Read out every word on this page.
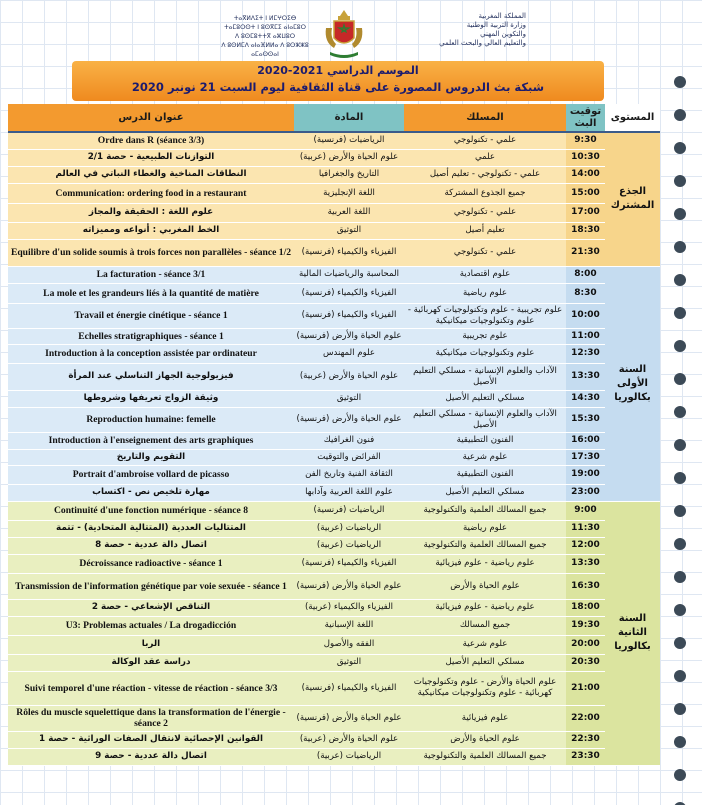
ⵜⴰⴳⵍⴷⵉⵜ ⵏ ⵍⵎⵖⵔⵉⴱ
ⵜⴰⵎⵓⵔⵙⵜ ⵏ ⵓⵙⴳⵎⵉ ⴰⵏⴰⵎⵓⵔ
ⴷ ⵓⵙⵎⵓⵜⵜⴳ ⴰⵣⵡⵓⵔ
ⴷ ⵓⵙⵍⵎⴷ ⴰⵏⴰⴼⵍⵍⴰ ⴷ ⵓⵔⵣⵣⵓ ⴰⵎⴰⵙⵙⴰⵏ
المملكة المغربية
وزارة التربية الوطنية
والتكوين المهني
والتعليم العالي والبحث العلمي
الموسم الدراسي 2021-2020
شبكة بث الدروس المصورة على قناة الثقافية ليوم السبت 21 نونبر 2020
عنوان الدرس	المادة	المسلك	توقيت البث	المستوى
Ordre dans R (séance 3/3)	الرياضيات (فرنسية)	علمي - تكنولوجي	9:30	الجذع المشترك
التوازنات الطبيعية - حصة 2/1	علوم الحياة والأرض (عربية)	علمي	10:30	
النطاقات المناخية والغطاء النباتي في العالم	التاريخ والجغرافيا	علمي - تكنولوجي - تعليم أصيل	14:00	
Communication: ordering food in a restaurant	اللغة الإنجليزية	جميع الجذوع المشتركة	15:00	
علوم اللغة : الحقيقة والمجاز	اللغة العربية	علمي - تكنولوجي	17:00	
الخط المغربي : أنواعه ومميزاته	التوثيق	تعليم أصيل	18:30	
Equilibre d'un solide soumis à trois forces non parallèles - séance 1/2	الفيزياء والكيمياء (فرنسية)	علمي - تكنولوجي	21:30	
La facturation - séance 3/1	المحاسبة والرياضيات المالية	علوم اقتصادية	8:00	السنة الأولى بكالوريا
La mole et les grandeurs liés à la quantité de matière	الفيزياء والكيمياء (فرنسية)	علوم رياضية	8:30	
Travail et énergie cinétique - séance 1	الفيزياء والكيمياء (فرنسية)	علوم تجريبية - علوم وتكنولوجيات كهربائية - علوم وتكنولوجيات ميكانيكية	10:00	
Echelles stratigraphiques - séance 1	علوم الحياة والأرض (فرنسية)	علوم تجريبية	11:00	
Introduction à la conception assistée par ordinateur	علوم المهندس	علوم وتكنولوجيات ميكانيكية	12:30	
فيزيولوجية الجهاز التناسلي عند المرأة	علوم الحياة والأرض (عربية)	الآداب والعلوم الإنسانية - مسلكي التعليم الأصيل	13:30	
وثيقة الزواج تعريفها وشروطها	التوثيق	مسلكي التعليم الأصيل	14:30	
Reproduction humaine: femelle	علوم الحياة والأرض (فرنسية)	الآداب والعلوم الإنسانية - مسلكي التعليم الأصيل	15:30	
Introduction à l'enseignement des arts graphiques	فنون الغرافيك	الفنون التطبيقية	16:00	
التقويم والتاريخ	الفرائض والتوقيت	علوم شرعية	17:30	
Portrait d'ambroise vollard de picasso	الثقافة الفنية وتاريخ الفن	الفنون التطبيقية	19:00	
مهارة تلخيص نص - اكتساب	علوم اللغة العربية وآدابها	مسلكي التعليم الأصيل	23:00	
Continuité d'une fonction numérique - séance 8	الرياضيات (فرنسية)	جميع المسالك العلمية والتكنولوجية	9:00	السنة الثانية بكالوريا
المتتاليات العددية (المتتالية المتحادية) - تتمة	الرياضيات (عربية)	علوم رياضية	11:30	
اتصال دالة عددية - حصة 8	الرياضيات (عربية)	جميع المسالك العلمية والتكنولوجية	12:00	
Décroissance radioactive - séance 1	الفيزياء والكيمياء (فرنسية)	علوم رياضية - علوم فيزيائية	13:30	
Transmission de l'information génétique par voie sexuée - séance 1	علوم الحياة والأرض (فرنسية)	علوم الحياة والأرض	16:30	
التناقص الإشعاعي - حصة 2	الفيزياء والكيمياء (عربية)	علوم رياضية - علوم فيزيائية	18:00	
U3: Problemas actuales / La drogadicción	اللغة الإسبانية	جميع المسالك	19:30	
الربا	الفقه والأصول	علوم شرعية	20:00	
دراسة عقد الوكالة	التوثيق	مسلكي التعليم الأصيل	20:30	
Suivi temporel d'une réaction - vitesse de réaction - séance 3/3	الفيزياء والكيمياء (فرنسية)	علوم الحياة والأرض - علوم وتكنولوجيات كهربائية - علوم وتكنولوجيات ميكانيكية	21:00	
Rôles du muscle squelettique dans la transformation de l'énergie - séance 2	علوم الحياة والأرض (فرنسية)	علوم فيزيائية	22:00	
القوانين الإحصائية لانتقال الصفات الوراثية - حصة 1	علوم الحياة والأرض (عربية)	علوم الحياة والأرض	22:30	
اتصال دالة عددية - حصة 9	الرياضيات (عربية)	جميع المسالك العلمية والتكنولوجية	23:30	
